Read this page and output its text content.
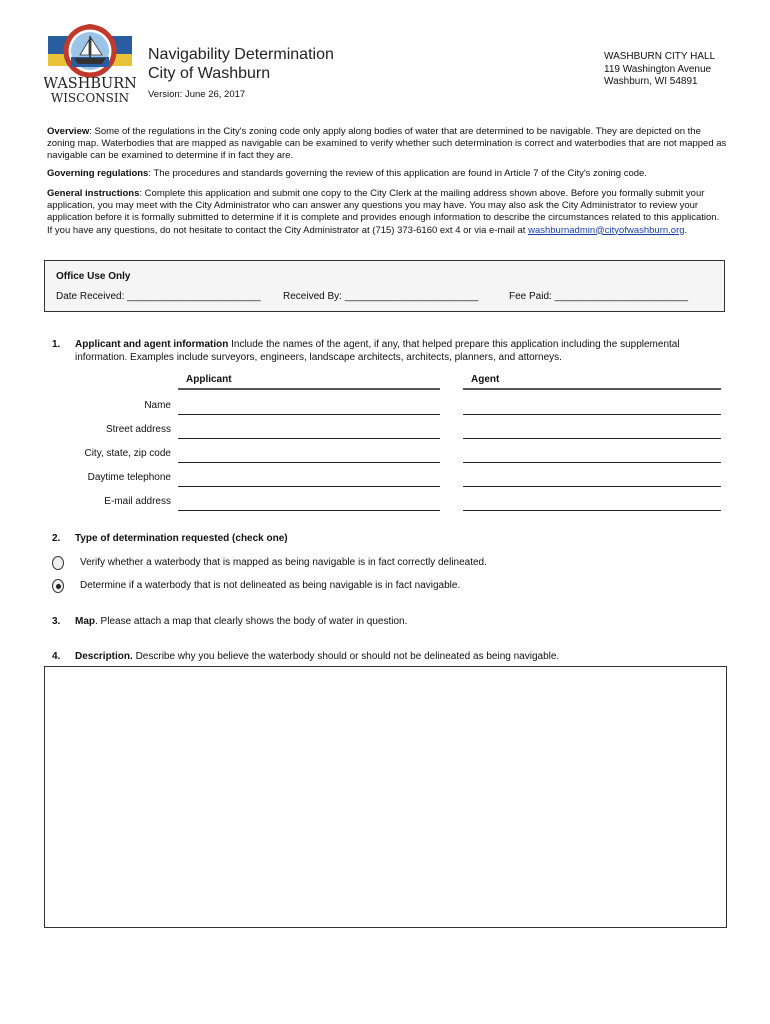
WASHBURN
WISCONSIN
Navigability Determination
City of Washburn
Version: June 26, 2017
WASHBURN CITY HALL
119 Washington Avenue
Washburn, WI 54891
Overview: Some of the regulations in the City's zoning code only apply along bodies of water that are determined to be navigable. They are depicted on the zoning map. Waterbodies that are mapped as navigable can be examined to verify whether such determination is correct and waterbodies that are not mapped as navigable can be examined to determine if in fact they are.
Governing regulations: The procedures and standards governing the review of this application are found in Article 7 of the City's zoning code.
General instructions: Complete this application and submit one copy to the City Clerk at the mailing address shown above. Before you formally submit your application, you may meet with the City Administrator who can answer any questions you may have. You may also ask the City Administrator to review your application before it is formally submitted to determine if it is complete and provides enough information to describe the circumstances related to this application. If you have any questions, do not hesitate to contact the City Administrator at (715) 373-6160 ext 4 or via e-mail at washburnadmin@cityofwashburn.org.
Office Use Only
Date Received: ________________________ Received By: ________________________	Fee Paid: ________________________
1. Applicant and agent information Include the names of the agent, if any, that helped prepare this application including the supplemental information. Examples include surveyors, engineers, landscape architects, architects, planners, and attorneys.
Applicant	Agent
Name
Street address
City, state, zip code
Daytime telephone
E-mail address
2. Type of determination requested (check one)
Verify whether a waterbody that is mapped as being navigable is in fact correctly delineated.
Determine if a waterbody that is not delineated as being navigable is in fact navigable.
3. Map. Please attach a map that clearly shows the body of water in question.
4. Description. Describe why you believe the waterbody should or should not be delineated as being navigable.
